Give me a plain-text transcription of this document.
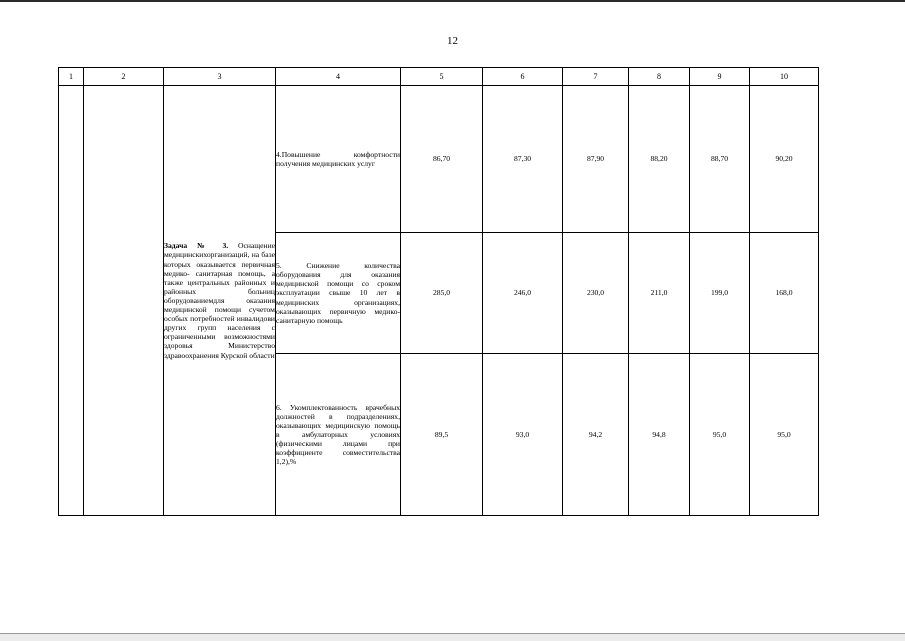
12
1	2	3	4	5	6	7	8	9	10
		Задача № 3. Оснащение медицинскихорганизаций, на базе которых оказывается первичная медико- санитарная помощь, а также центральных районных и районных больниц оборудованиемдля оказания медицинской помощи сучетом особых потребностей инвалидови других групп населения с ограниченными возможностями здоровья Министерство здравоохранения Курской области	4.Повышение комфортности получения медицинских услуг	86,70	87,30	87,90	88,20	88,70	90,20
			5. Снижение количества оборудования для оказания медицинской помощи со сроком эксплуатации свыше 10 лет в медицинских организациях, оказывающих первичную медико-санитарную помощь	285,0	246,0	230,0	211,0	199,0	168,0
			6. Укомплектованность врачебных должностей в подразделениях, оказывающих медицинскую помощь в амбулаторных условиях (физическими лицами при коэффициенте совместительства 1,2),%	89,5	93,0	94,2	94,8	95,0	95,0
